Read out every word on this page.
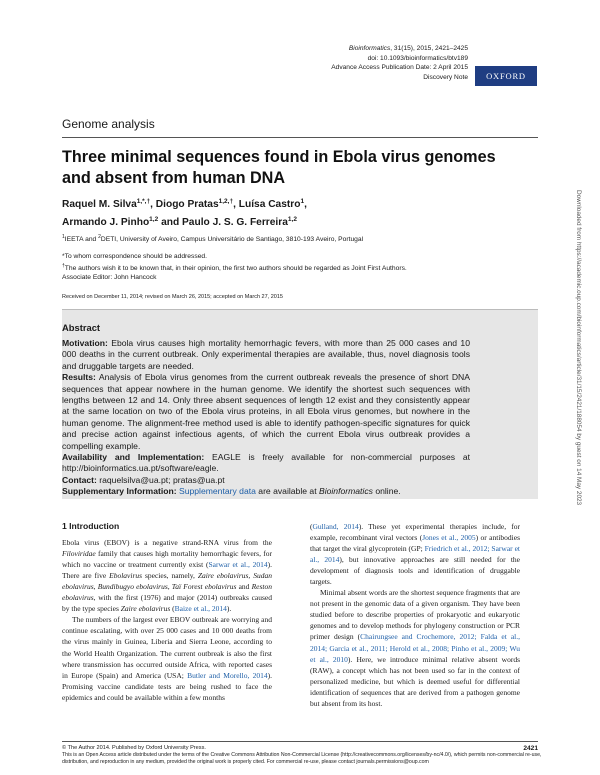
Bioinformatics, 31(15), 2015, 2421–2425
doi: 10.1093/bioinformatics/btv189
Advance Access Publication Date: 2 April 2015
Discovery Note	OXFORD
Genome analysis
Three minimal sequences found in Ebola virus genomes and absent from human DNA
Raquel M. Silva$^{1,*,\dagger}$, Diogo Pratas$^{1,2,\dagger}$, Luísa Castro$^1$,
Armando J. Pinho$^{1,2}$ and Paulo J. S. G. Ferreira$^{1,2}$
$^1$IEETA and $^2$DETI, University of Aveiro, Campus Universitário de Santiago, 3810-193 Aveiro, Portugal
*To whom correspondence should be addressed.
†The authors wish it to be known that, in their opinion, the first two authors should be regarded as Joint First Authors.
Associate Editor: John Hancock
Received on December 11, 2014; revised on March 26, 2015; accepted on March 27, 2015
Abstract
Motivation: Ebola virus causes high mortality hemorrhagic fevers, with more than 25 000 cases and 10 000 deaths in the current outbreak. Only experimental therapies are available, thus, novel diagnosis tools and druggable targets are needed.
Results: Analysis of Ebola virus genomes from the current outbreak reveals the presence of short DNA sequences that appear nowhere in the human genome. We identify the shortest such sequences with lengths between 12 and 14. Only three absent sequences of length 12 exist and they consistently appear at the same location on two of the Ebola virus proteins, in all Ebola virus genomes, but nowhere in the human genome. The alignment-free method used is able to identify pathogen-specific signatures for quick and precise action against infectious agents, of which the current Ebola virus outbreak provides a compelling example.
Availability and Implementation: EAGLE is freely available for non-commercial purposes at http://bioinformatics.ua.pt/software/eagle.
Contact: raquelsilva@ua.pt; pratas@ua.pt
Supplementary Information: Supplementary data are available at Bioinformatics online.
1 Introduction

Ebola virus (EBOV) is a negative strand-RNA virus from the Filoviridae family that causes high mortality hemorrhagic fevers, for which no vaccine or treatment currently exist (Sarwar et al., 2014). There are five Ebolavirus species, namely, Zaire ebolavirus, Sudan ebolavirus, Bundibugyo ebolavirus, Taï Forest ebolavirus and Reston ebolavirus, with the first (1976) and major (2014) outbreaks caused by the type species Zaire ebolavirus (Baize et al., 2014).

The numbers of the largest ever EBOV outbreak are worrying and continue escalating, with over 25 000 cases and 10 000 deaths from the virus mainly in Guinea, Liberia and Sierra Leone, according to the World Health Organization. The current outbreak is also the first where transmission has occurred outside Africa, with reported cases in Europe (Spain) and America (USA; Butler and Morello, 2014). Promising vaccine candidate tests are being rushed to face the epidemics and could be available within a few months

(Gulland, 2014). These yet experimental therapies include, for example, recombinant viral vectors (Jones et al., 2005) or antibodies that target the viral glycoprotein (GP; Friedrich et al., 2012; Sarwar et al., 2014), but innovative approaches are still needed for the development of diagnosis tools and identification of druggable targets.

Minimal absent words are the shortest sequence fragments that are not present in the genomic data of a given organism. They have been studied before to describe properties of prokaryotic and eukaryotic genomes and to develop methods for phylogeny construction or PCR primer design (Chairungsee and Crochemore, 2012; Falda et al., 2014; Garcia et al., 2011; Herold et al., 2008; Pinho et al., 2009; Wu et al., 2010). Here, we introduce minimal relative absent words (RAW), a concept which has not been used so far in the context of personalized medicine, but which is deemed useful for differential identification of sequences that are derived from a pathogen genome but absent from its host.

© The Author 2014. Published by Oxford University Press.	2421
This is an Open Access article distributed under the terms of the Creative Commons Attribution Non-Commercial License (http://creativecommons.org/licenses/by-nc/4.0/), which permits non-commercial re-use, distribution, and reproduction in any medium, provided the original work is properly cited. For commercial re-use, please contact journals.permissions@oup.com
Downloaded from https://academic.oup.com/bioinformatics/article/31/15/2421/188054 by guest on 14 May 2023
